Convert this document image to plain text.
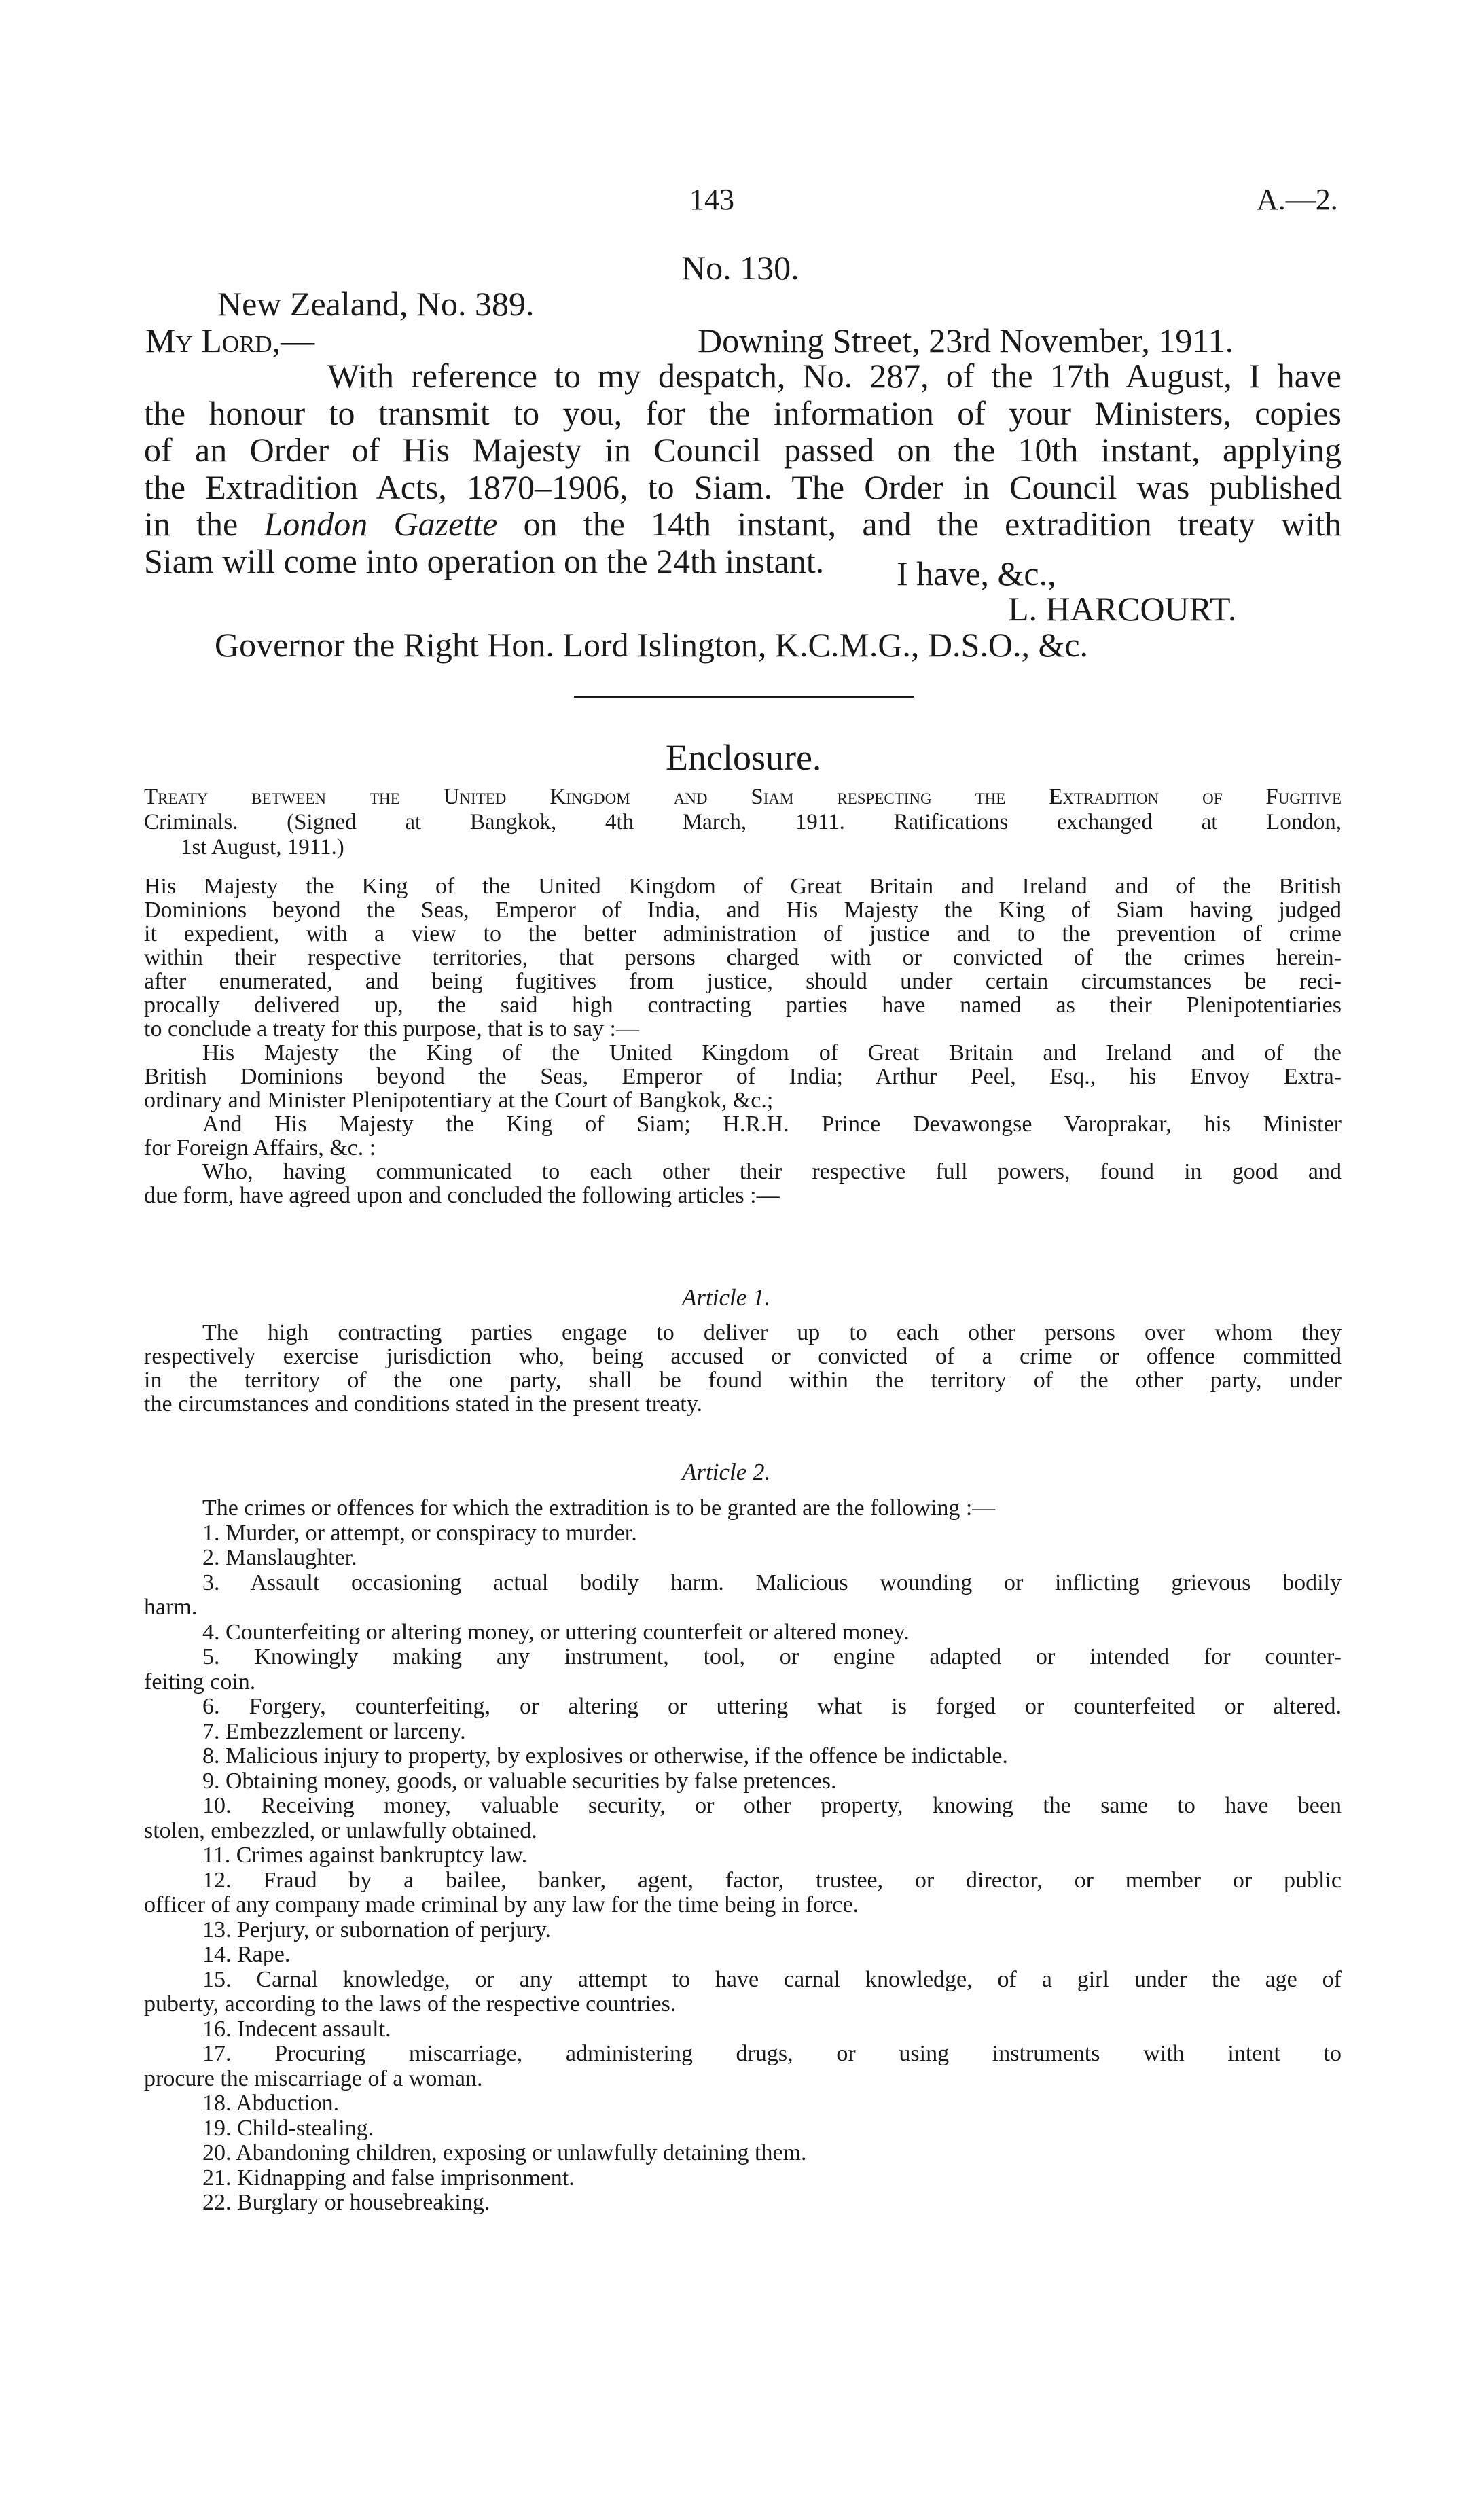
143	A.—2.
No. 130.
New Zealand, No. 389.
My Lord,—	Downing Street, 23rd November, 1911.
With reference to my despatch, No. 287, of the 17th August, I have
the honour to transmit to you, for the information of your Ministers, copies
of an Order of His Majesty in Council passed on the 10th instant, applying
the Extradition Acts, 1870–1906, to Siam. The Order in Council was published
in the London Gazette on the 14th instant, and the extradition treaty with
Siam will come into operation on the 24th instant.	I have, &c.,
L. HARCOURT.
Governor the Right Hon. Lord Islington, K.C.M.G., D.S.O., &c.
Enclosure.
Treaty between the United Kingdom and Siam respecting the Extradition of Fugitive
Criminals. (Signed at Bangkok, 4th March, 1911. Ratifications exchanged at London,
1st August, 1911.)
His Majesty the King of the United Kingdom of Great Britain and Ireland and of the British
Dominions beyond the Seas, Emperor of India, and His Majesty the King of Siam having judged
it expedient, with a view to the better administration of justice and to the prevention of crime
within their respective territories, that persons charged with or convicted of the crimes herein-
after enumerated, and being fugitives from justice, should under certain circumstances be reci-
procally delivered up, the said high contracting parties have named as their Plenipotentiaries
to conclude a treaty for this purpose, that is to say :—
His Majesty the King of the United Kingdom of Great Britain and Ireland and of the
British Dominions beyond the Seas, Emperor of India; Arthur Peel, Esq., his Envoy Extra-
ordinary and Minister Plenipotentiary at the Court of Bangkok, &c.;
And His Majesty the King of Siam; H.R.H. Prince Devawongse Varoprakar, his Minister
for Foreign Affairs, &c. :
Who, having communicated to each other their respective full powers, found in good and
due form, have agreed upon and concluded the following articles :—
Article 1.
The high contracting parties engage to deliver up to each other persons over whom they
respectively exercise jurisdiction who, being accused or convicted of a crime or offence committed
in the territory of the one party, shall be found within the territory of the other party, under
the circumstances and conditions stated in the present treaty.
Article 2.
The crimes or offences for which the extradition is to be granted are the following :—
1. Murder, or attempt, or conspiracy to murder.
2. Manslaughter.
3. Assault occasioning actual bodily harm. Malicious wounding or inflicting grievous bodily
harm.
4. Counterfeiting or altering money, or uttering counterfeit or altered money.
5. Knowingly making any instrument, tool, or engine adapted or intended for counter-
feiting coin.
6. Forgery, counterfeiting, or altering or uttering what is forged or counterfeited or altered.
7. Embezzlement or larceny.
8. Malicious injury to property, by explosives or otherwise, if the offence be indictable.
9. Obtaining money, goods, or valuable securities by false pretences.
10. Receiving money, valuable security, or other property, knowing the same to have been
stolen, embezzled, or unlawfully obtained.
11. Crimes against bankruptcy law.
12. Fraud by a bailee, banker, agent, factor, trustee, or director, or member or public
officer of any company made criminal by any law for the time being in force.
13. Perjury, or subornation of perjury.
14. Rape.
15. Carnal knowledge, or any attempt to have carnal knowledge, of a girl under the age of
puberty, according to the laws of the respective countries.
16. Indecent assault.
17. Procuring miscarriage, administering drugs, or using instruments with intent to
procure the miscarriage of a woman.
18. Abduction.
19. Child-stealing.
20. Abandoning children, exposing or unlawfully detaining them.
21. Kidnapping and false imprisonment.
22. Burglary or housebreaking.
